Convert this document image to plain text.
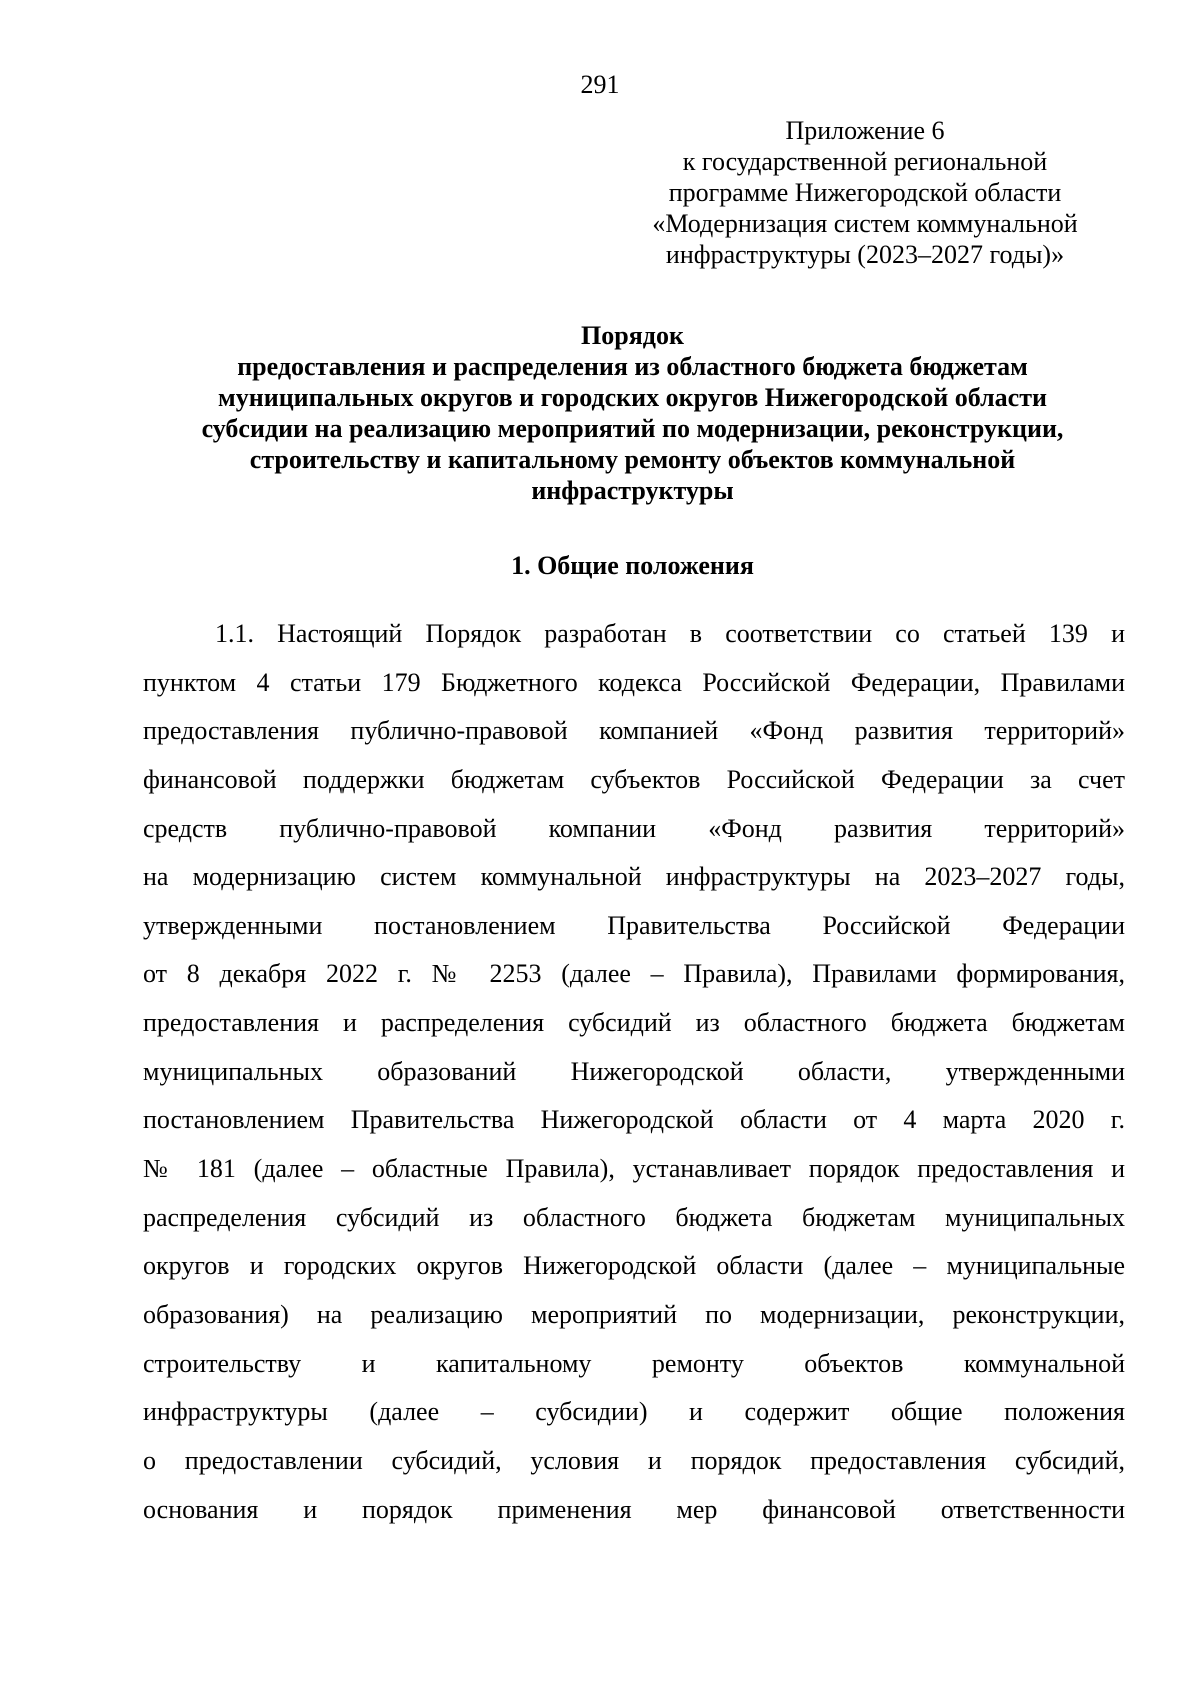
291
Приложение 6
к государственной региональной
программе Нижегородской области
«Модернизация систем коммунальной
инфраструктуры (2023–2027 годы)»
Порядок
предоставления и распределения из областного бюджета бюджетам
муниципальных округов и городских округов Нижегородской области
субсидии на реализацию мероприятий по модернизации, реконструкции,
строительству и капитальному ремонту объектов коммунальной
инфраструктуры
1. Общие положения
1.1. Настоящий Порядок разработан в соответствии со статьей 139 и
пунктом 4 статьи 179 Бюджетного кодекса Российской Федерации, Правилами
предоставления публично-правовой компанией «Фонд развития территорий»
финансовой поддержки бюджетам субъектов Российской Федерации за счет
средств публично-правовой компании «Фонд развития территорий»
на модернизацию систем коммунальной инфраструктуры на 2023–2027 годы,
утвержденными постановлением Правительства Российской Федерации
от 8 декабря 2022 г. № 2253 (далее – Правила), Правилами формирования,
предоставления и распределения субсидий из областного бюджета бюджетам
муниципальных образований Нижегородской области, утвержденными
постановлением Правительства Нижегородской области от 4 марта 2020 г.
№ 181 (далее – областные Правила), устанавливает порядок предоставления и
распределения субсидий из областного бюджета бюджетам муниципальных
округов и городских округов Нижегородской области (далее – муниципальные
образования) на реализацию мероприятий по модернизации, реконструкции,
строительству и капитальному ремонту объектов коммунальной
инфраструктуры (далее – субсидии) и содержит общие положения
о предоставлении субсидий, условия и порядок предоставления субсидий,
основания и порядок применения мер финансовой ответственности
